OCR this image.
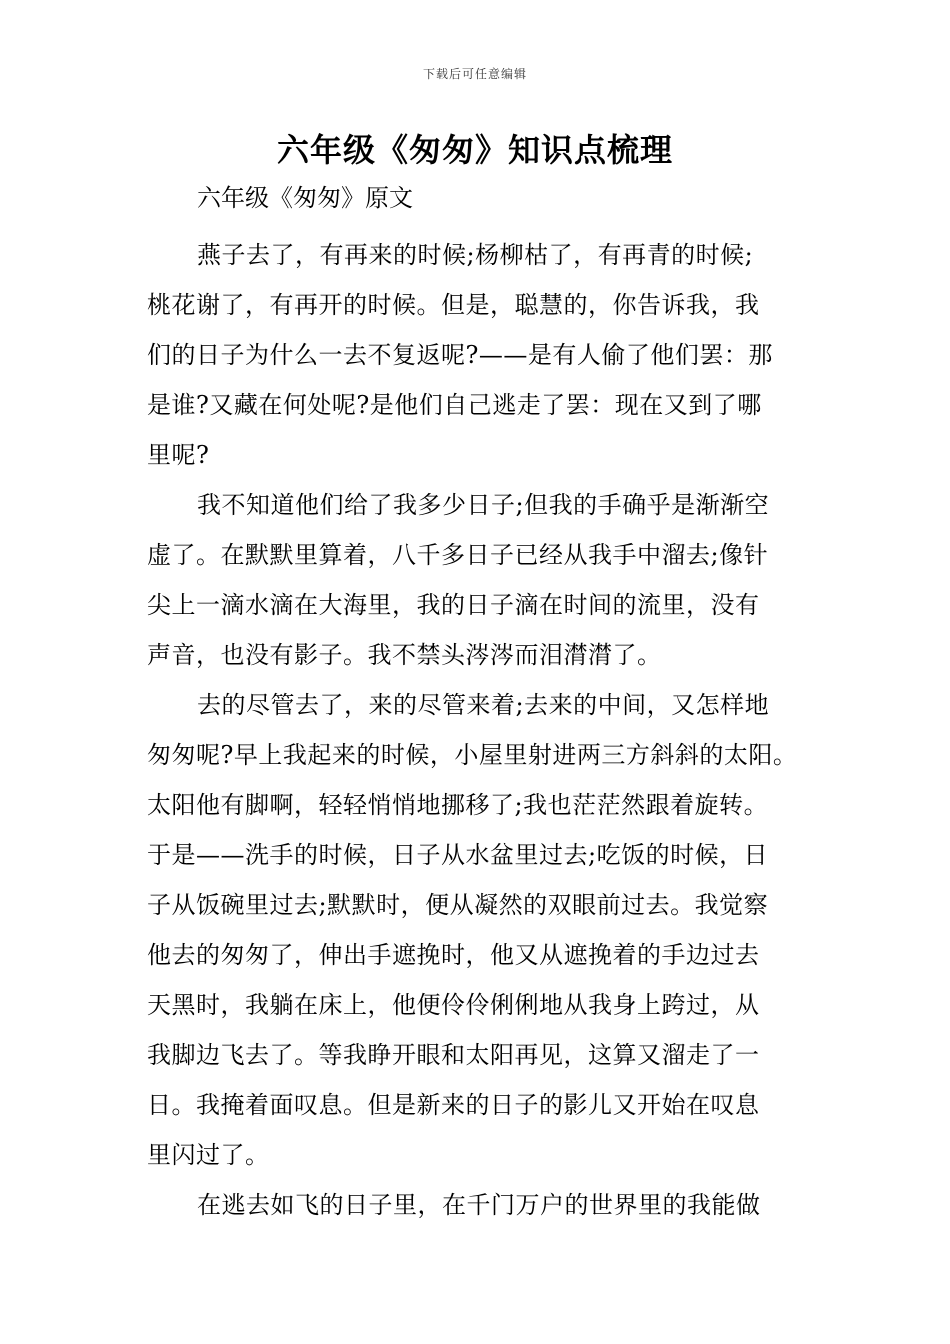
下载后可任意编辑
六年级《匆匆》知识点梳理
六年级《匆匆》原文

燕子去了，有再来的时候;杨柳枯了，有再青的时候;
桃花谢了，有再开的时候。但是，聪慧的，你告诉我，我
们的日子为什么一去不复返呢?——是有人偷了他们罢：那
是谁?又藏在何处呢?是他们自己逃走了罢：现在又到了哪
里呢?

我不知道他们给了我多少日子;但我的手确乎是渐渐空
虚了。在默默里算着，八千多日子已经从我手中溜去;像针
尖上一滴水滴在大海里，我的日子滴在时间的流里，没有
声音，也没有影子。我不禁头涔涔而泪潸潸了。

去的尽管去了，来的尽管来着;去来的中间，又怎样地
匆匆呢?早上我起来的时候，小屋里射进两三方斜斜的太阳。
太阳他有脚啊，轻轻悄悄地挪移了;我也茫茫然跟着旋转。
于是——洗手的时候，日子从水盆里过去;吃饭的时候，日
子从饭碗里过去;默默时，便从凝然的双眼前过去。我觉察
他去的匆匆了，伸出手遮挽时，他又从遮挽着的手边过去
天黑时，我躺在床上，他便伶伶俐俐地从我身上跨过，从
我脚边飞去了。等我睁开眼和太阳再见，这算又溜走了一
日。我掩着面叹息。但是新来的日子的影儿又开始在叹息
里闪过了。

在逃去如飞的日子里，在千门万户的世界里的我能做
